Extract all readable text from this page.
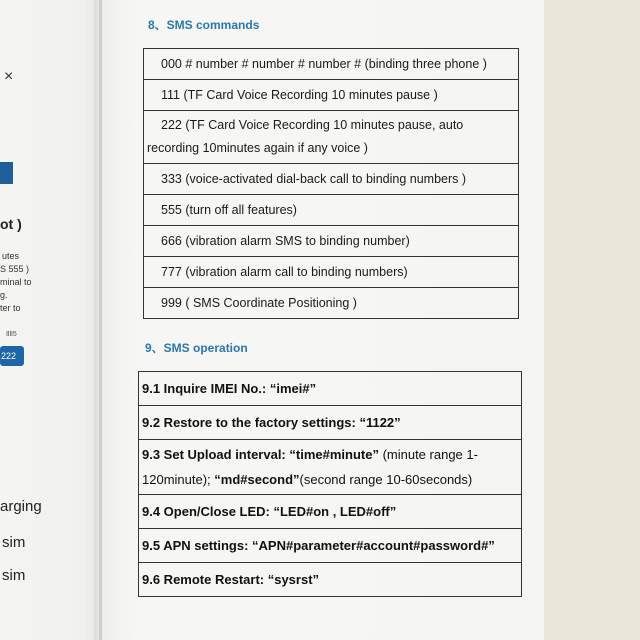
×
ot )
utes
S 555 )
minal to
g.
ter to
ⅡⅡ5
222
arging
sim
sim
8、SMS commands
000 # number # number # number # (binding three phone )
111 (TF Card Voice Recording 10 minutes pause )
222 (TF Card Voice Recording 10 minutes pause, auto recording 10minutes again if any voice )
333 (voice-activated dial-back call to binding numbers )
555 (turn off all features)
666 (vibration alarm SMS to binding number)
777 (vibration alarm call to binding numbers)
999 ( SMS Coordinate Positioning )
9、SMS operation
9.1 Inquire IMEI No.: “imei#”
9.2 Restore to the factory settings: “1122”
9.3 Set Upload interval: “time#minute” (minute range 1-120minute); “md#second”(second range 10-60seconds)
9.4 Open/Close LED: “LED#on , LED#off”
9.5 APN settings: “APN#parameter#account#password#”
9.6 Remote Restart: “sysrst”
